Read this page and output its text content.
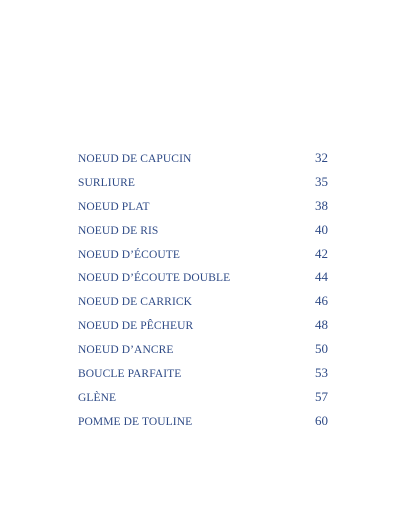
NOEUD DE CAPUCIN	32
SURLIURE	35
NOEUD PLAT	38
NOEUD DE RIS	40
NOEUD D’ÉCOUTE	42
NOEUD D’ÉCOUTE DOUBLE	44
NOEUD DE CARRICK	46
NOEUD DE PÊCHEUR	48
NOEUD D’ANCRE	50
BOUCLE PARFAITE	53
GLÈNE	57
POMME DE TOULINE	60
